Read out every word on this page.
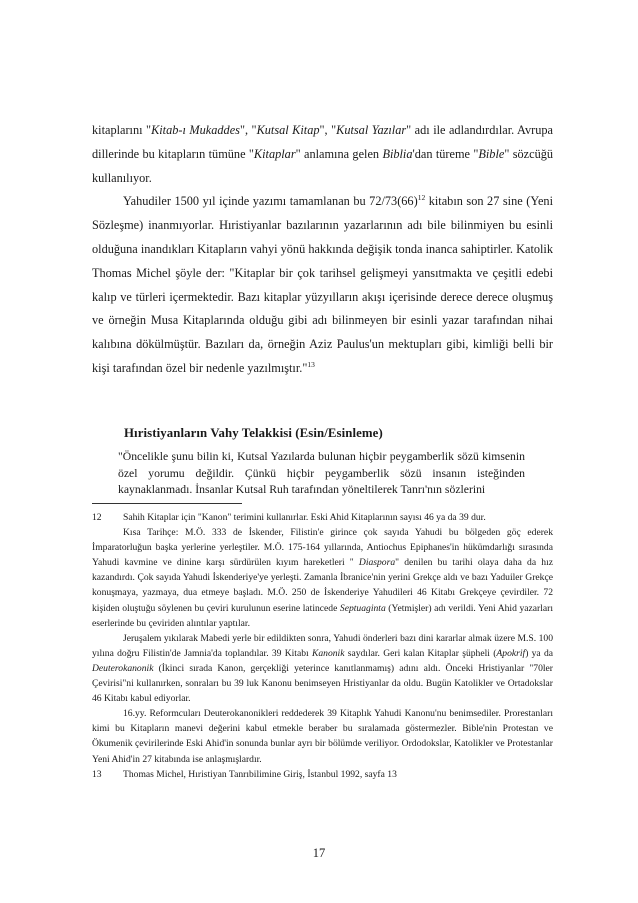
kitaplarını "Kitab-ı Mukaddes", "Kutsal Kitap", "Kutsal Yazılar" adı ile adlandırdılar. Avrupa dillerinde bu kitapların tümüne "Kitaplar" anlamına gelen Biblia'dan türeme "Bible" sözcüğü kullanılıyor.

Yahudiler 1500 yıl içinde yazımı tamamlanan bu $72/73(66)^{12}$ kitabın son 27 sine (Yeni Sözleşme) inanmıyorlar. Hıristiyanlar bazılarının yazarlarının adı bile bilinmiyen bu esinli olduğuna inandıkları Kitapların vahyi yönü hakkında değişik tonda inanca sahiptirler. Katolik Thomas Michel şöyle der: "Kitaplar bir çok tarihsel gelişmeyi yansıtmakta ve çeşitli edebi kalıp ve türleri içermektedir. Bazı kitaplar yüzyılların akışı içerisinde derece derece oluşmuş ve örneğin Musa Kitaplarında olduğu gibi adı bilinmeyen bir esinli yazar tarafından nihai kalıbına dökülmüştür. Bazıları da, örneğin Aziz Paulus'un mektupları gibi, kimliği belli bir kişi tarafından özel bir nedenle yazılmıştır."$^{13}$

Hıristiyanların Vahy Telakkisi (Esin/Esinleme)

"Öncelikle şunu bilin ki, Kutsal Yazılarda bulunan hiçbir peygamberlik sözü kimsenin özel yorumu değildir. Çünkü hiçbir peygamberlik sözü insanın isteğinden kaynaklanmadı. İnsanlar Kutsal Ruh tarafından yöneltilerek Tanrı'nın sözlerini

12	Sahih Kitaplar için "Kanon" terimini kullanırlar. Eski Ahid Kitaplarının sayısı 46 ya da 39 dur.

Kısa Tarihçe: M.Ö. 333 de İskender, Filistin'e girince çok sayıda Yahudi bu bölgeden göç ederek İmparatorluğun başka yerlerine yerleştiler. M.Ö. 175-164 yıllarında, Antiochus Epiphanes'in hükümdarlığı sırasında Yahudi kavmine ve dinine karşı sürdürülen kıyım hareketleri " Diaspora" denilen bu tarihi olaya daha da hız kazandırdı. Çok sayıda Yahudi İskenderiye'ye yerleşti. Zamanla İbranice'nin yerini Grekçe aldı ve bazı Yaduiler Grekçe konuşmaya, yazmaya, dua etmeye başladı. M.Ö. 250 de İskenderiye Yahudileri 46 Kitabı Grekçeye çevirdiler. 72 kişiden oluştuğu söylenen bu çeviri kurulunun eserine latincede Septuaginta (Yetmişler) adı verildi. Yeni Ahid yazarları eserlerinde bu çeviriden alıntılar yaptılar.

Jeruşalem yıkılarak Mabedi yerle bir edildikten sonra, Yahudi önderleri bazı dini kararlar almak üzere M.S. 100 yılına doğru Filistin'de Jamnia'da toplandılar. 39 Kitabı Kanonik saydılar. Geri kalan Kitaplar şüpheli (Apokrif) ya da Deuterokanonik (İkinci sırada Kanon, gerçekliği yeterince kanıtlanmamış) adını aldı. Önceki Hristiyanlar "70ler Çevirisi"ni kullanırken, sonraları bu 39 luk Kanonu benimseyen Hristiyanlar da oldu. Bugün Katolikler ve Ortadokslar 46 Kitabı kabul ediyorlar.

16.yy. Reformcuları Deuterokanonikleri reddederek 39 Kitaplık Yahudi Kanonu'nu benimsediler. Prorestanları kimi bu Kitapların manevi değerini kabul etmekle beraber bu sıralamada göstermezler. Bible'nin Protestan ve Ökumenik çevirilerinde Eski Ahid'in sonunda bunlar ayrı bir bölümde veriliyor. Ordodokslar, Katolikler ve Protestanlar Yeni Ahid'in 27 kitabında ise anlaşmışlardır.

13	Thomas Michel, Hıristiyan Tanrıbilimine Giriş, İstanbul 1992, sayfa 13
17
